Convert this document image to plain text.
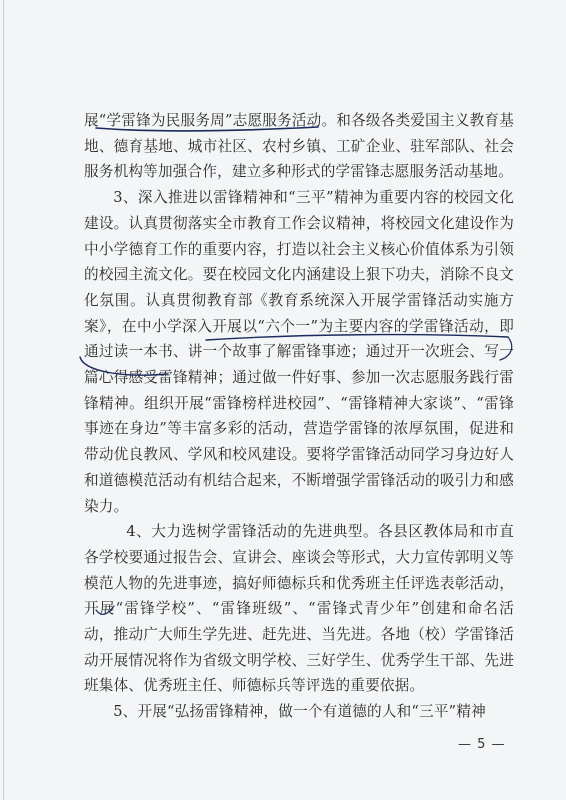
展“学雷锋为民服务周”志愿服务活动。和各级各类爱国主义教育基地、德育基地、城市社区、农村乡镇、工矿企业、驻军部队、社会服务机构等加强合作，建立多种形式的学雷锋志愿服务活动基地。

3、深入推进以雷锋精神和“三平”精神为重要内容的校园文化建设。认真贯彻落实全市教育工作会议精神，将校园文化建设作为中小学德育工作的重要内容，打造以社会主义核心价值体系为引领的校园主流文化。要在校园文化内涵建设上狠下功夫，消除不良文化氛围。认真贯彻教育部《教育系统深入开展学雷锋活动实施方案》，在中小学深入开展以“六个一”为主要内容的学雷锋活动，即通过读一本书、讲一个故事了解雷锋事迹；通过开一次班会、写一篇心得感受雷锋精神；通过做一件好事、参加一次志愿服务践行雷锋精神。组织开展“雷锋榜样进校园”、“雷锋精神大家谈”、“雷锋事迹在身边”等丰富多彩的活动，营造学雷锋的浓厚氛围，促进和带动优良教风、学风和校风建设。要将学雷锋活动同学习身边好人和道德模范活动有机结合起来，不断增强学雷锋活动的吸引力和感染力。

4、大力选树学雷锋活动的先进典型。各县区教体局和市直各学校要通过报告会、宣讲会、座谈会等形式，大力宣传郭明义等模范人物的先进事迹，搞好师德标兵和优秀班主任评选表彰活动，开展“雷锋学校”、“雷锋班级”、“雷锋式青少年”创建和命名活动，推动广大师生学先进、赶先进、当先进。各地（校）学雷锋活动开展情况将作为省级文明学校、三好学生、优秀学生干部、先进班集体、优秀班主任、师德标兵等评选的重要依据。

5、开展“弘扬雷锋精神，做一个有道德的人和“三平”精神

— 5 —
